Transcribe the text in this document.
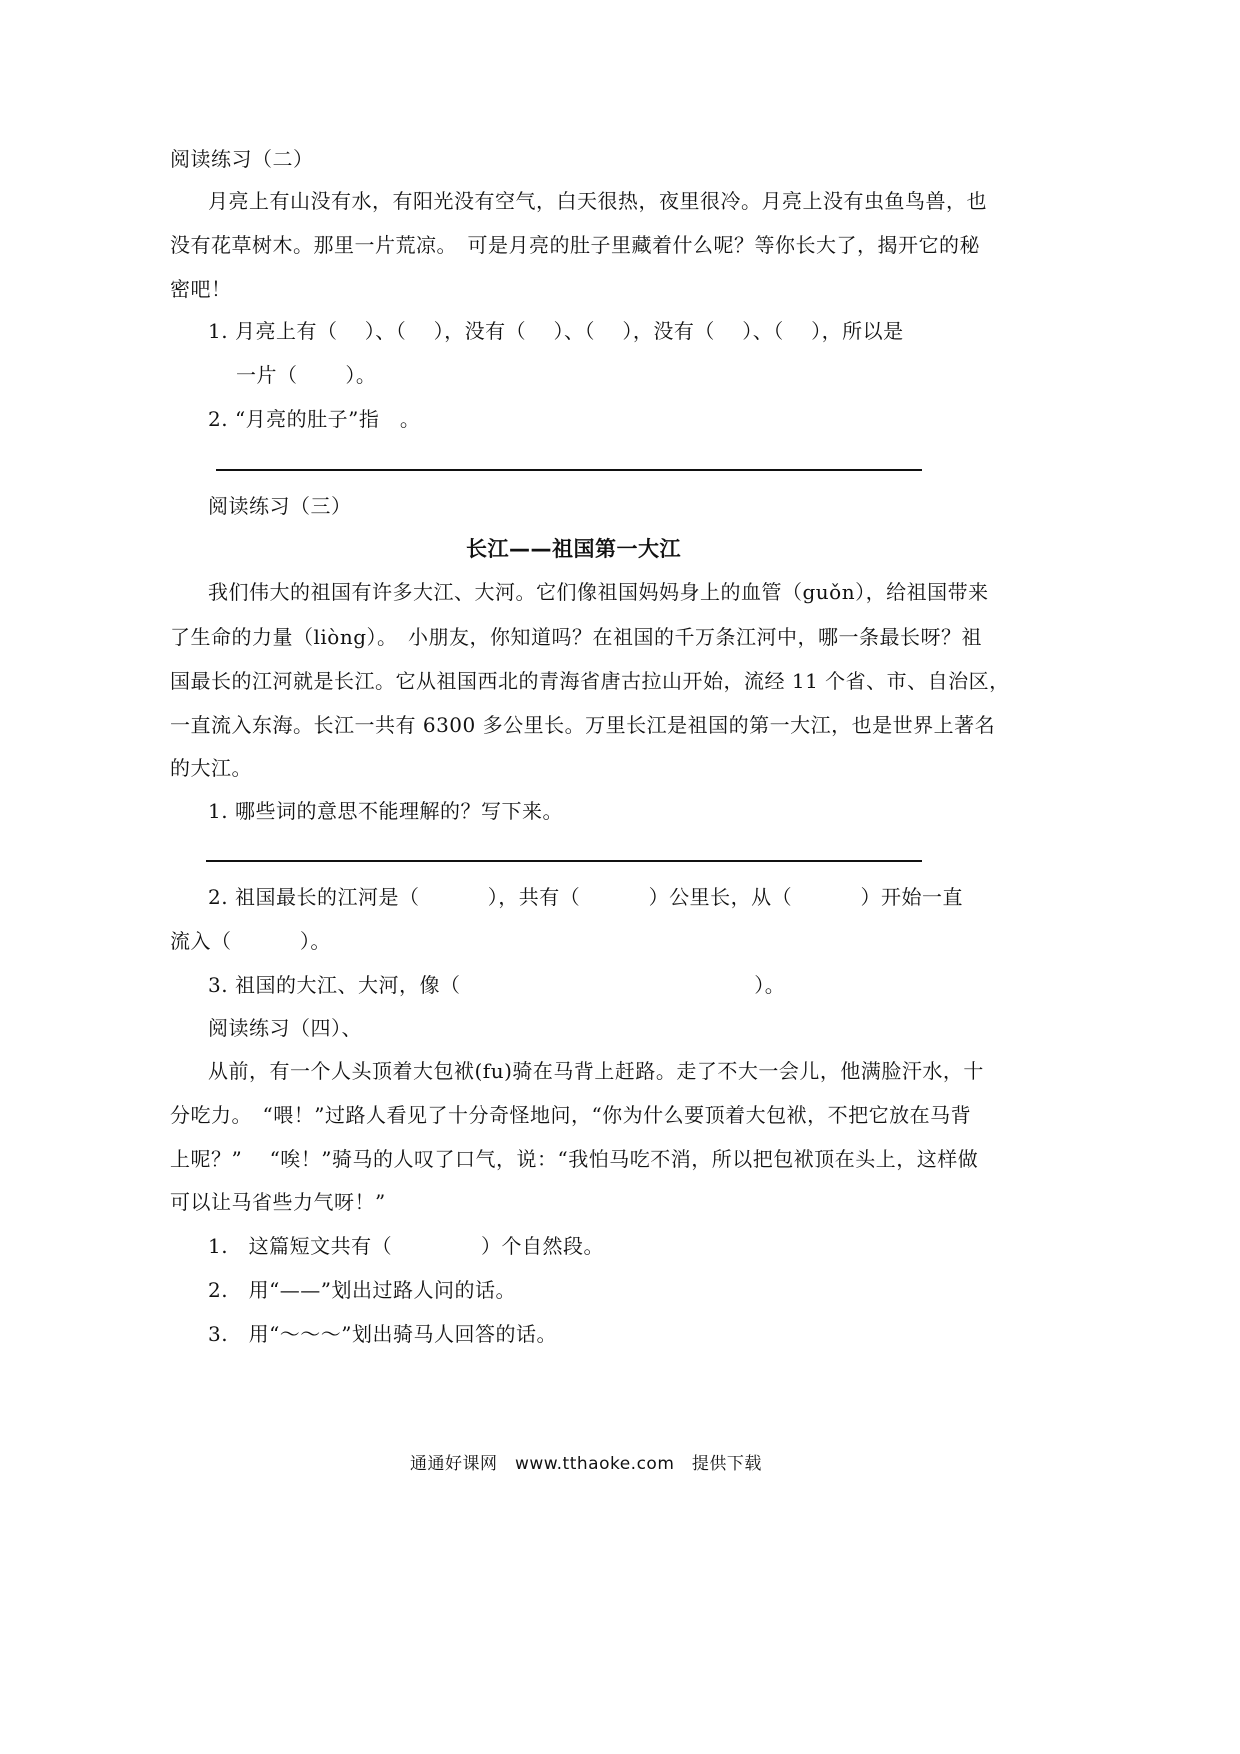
阅读练习（二）
月亮上有山没有水，有阳光没有空气，白天很热，夜里很冷。月亮上没有虫鱼鸟兽，也
没有花草树木。那里一片荒凉。　可是月亮的肚子里藏着什么呢？等你长大了，揭开它的秘
密吧！
1. 月亮上有（　 ）、（　 ），没有（　 ）、（　 ），没有（　 ）、（　 ），所以是
一片（　　 ）。
2. “月亮的肚子”指　。
阅读练习（三）
长江——祖国第一大江
我们伟大的祖国有许多大江、大河。它们像祖国妈妈身上的血管（guǒn），给祖国带来
了生命的力量（liòng）。　小朋友，你知道吗？在祖国的千万条江河中，哪一条最长呀？祖
国最长的江河就是长江。它从祖国西北的青海省唐古拉山开始，流经 11 个省、市、自治区，
一直流入东海。长江一共有 6300 多公里长。万里长江是祖国的第一大江，也是世界上著名
的大江。
1. 哪些词的意思不能理解的？写下来。
2. 祖国最长的江河是（　　　 ），共有（　　　 ）公里长，从（　　　 ）开始一直
流入（　　　 ）。
3. 祖国的大江、大河，像（　　　　　　　　　　　　　　 ）。
阅读练习（四）、
从前，有一个人头顶着大包袱(fu)骑在马背上赶路。走了不大一会儿，他满脸汗水，十
分吃力。　“喂！”过路人看见了十分奇怪地问，“你为什么要顶着大包袱，不把它放在马背
上呢？”　 “唉！”骑马的人叹了口气，说：“我怕马吃不消，所以把包袱顶在头上，这样做
可以让马省些力气呀！”
1.　这篇短文共有（　　　　 ）个自然段。
2.　用“——”划出过路人问的话。
3.　用“～～～”划出骑马人回答的话。
通通好课网　www.tthaoke.com　提供下载
